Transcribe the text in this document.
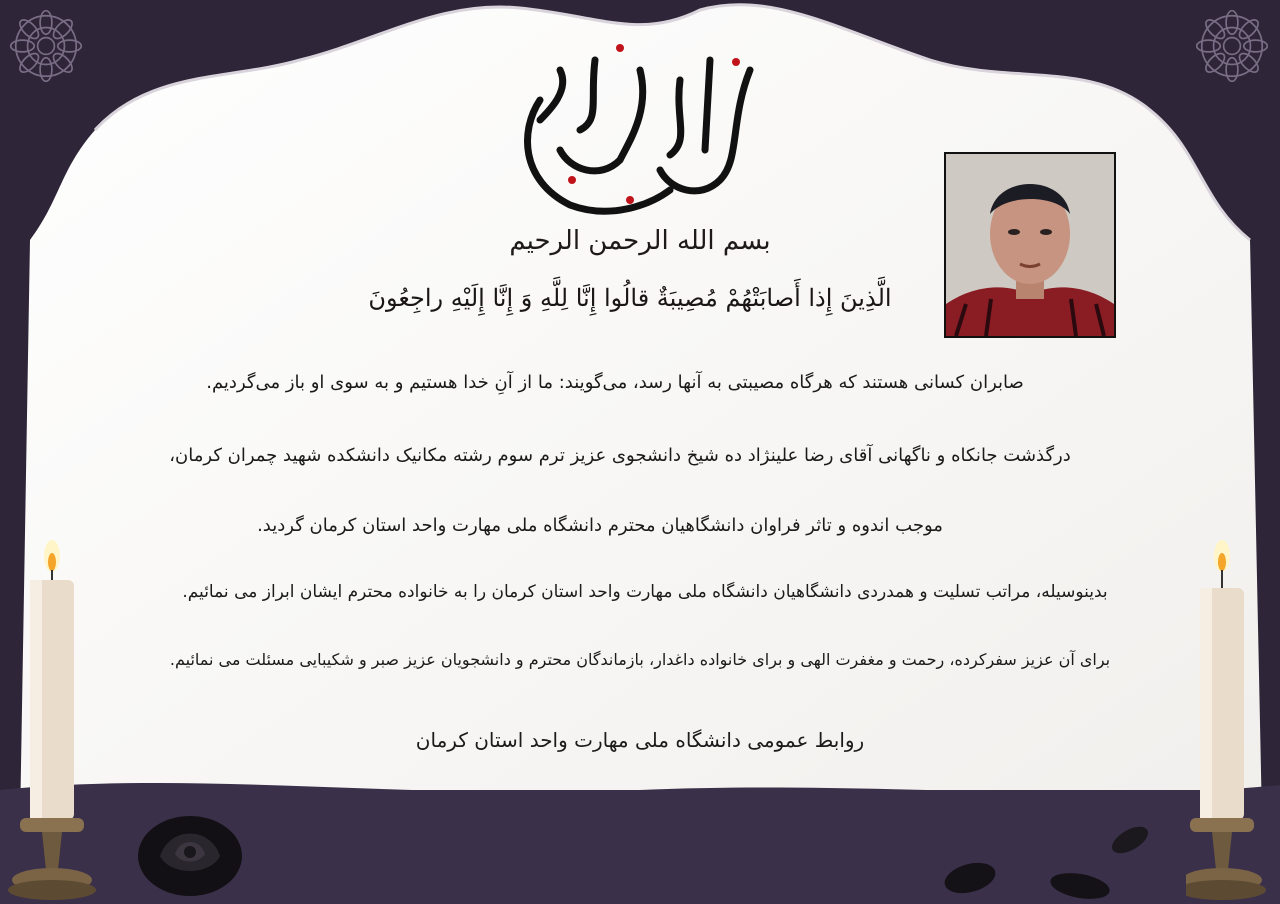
بسم الله الرحمن الرحيم
الَّذِينَ إِذا أَصابَتْهُمْ مُصِيبَةٌ قالُوا إِنَّا لِلَّهِ وَ إِنَّا إِلَيْهِ راجِعُونَ
صابران کسانی هستند که هرگاه مصیبتی به آنها رسد، می‌گویند: ما از آنِ خدا هستیم و به سوی او باز می‌گردیم.
درگذشت جانکاه و ناگهانی آقای رضا علینژاد ده شیخ دانشجوی عزیز ترم سوم رشته مکانیک دانشکده شهید چمران کرمان،
موجب اندوه و تاثر فراوان دانشگاهیان محترم دانشگاه ملی مهارت واحد استان کرمان گردید.
بدینوسیله، مراتب تسلیت و همدردی دانشگاهیان دانشگاه ملی مهارت واحد استان کرمان را به خانواده محترم ایشان ابراز می نمائیم.
برای آن عزیز سفرکرده، رحمت و مغفرت الهی و برای خانواده داغدار، بازماندگان محترم و دانشجویان عزیز صبر و شکیبایی مسئلت می نمائیم.
روابط عمومی دانشگاه ملی مهارت واحد استان کرمان
